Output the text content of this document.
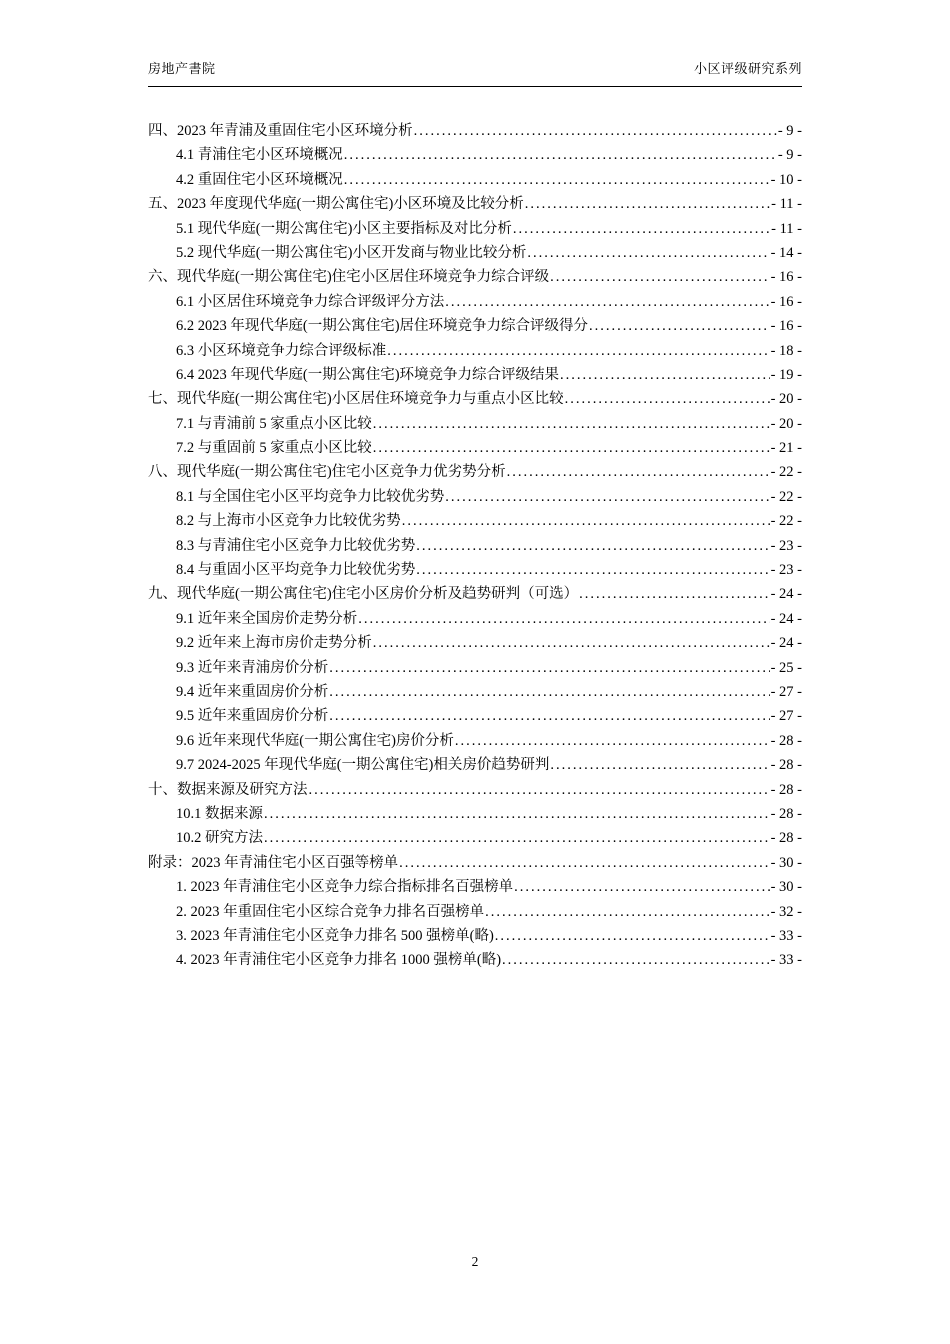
房地产書院	小区评级研究系列
四、2023 年青浦及重固住宅小区环境分析 .....	- 9 -
4.1 青浦住宅小区环境概况 .....	- 9 -
4.2 重固住宅小区环境概况 .....	- 10 -
五、2023 年度现代华庭(一期公寓住宅)小区环境及比较分析 .....	- 11 -
5.1 现代华庭(一期公寓住宅)小区主要指标及对比分析 .....	- 11 -
5.2 现代华庭(一期公寓住宅)小区开发商与物业比较分析 .....	- 14 -
六、现代华庭(一期公寓住宅)住宅小区居住环境竞争力综合评级 .....	- 16 -
6.1 小区居住环境竞争力综合评级评分方法 .....	- 16 -
6.2 2023 年现代华庭(一期公寓住宅)居住环境竞争力综合评级得分 .....	- 16 -
6.3 小区环境竞争力综合评级标准 .....	- 18 -
6.4 2023 年现代华庭(一期公寓住宅)环境竞争力综合评级结果 .....	- 19 -
七、现代华庭(一期公寓住宅)小区居住环境竞争力与重点小区比较 .....	- 20 -
7.1 与青浦前 5 家重点小区比较 .....	- 20 -
7.2 与重固前 5 家重点小区比较 .....	- 21 -
八、现代华庭(一期公寓住宅)住宅小区竞争力优劣势分析 .....	- 22 -
8.1 与全国住宅小区平均竞争力比较优劣势 .....	- 22 -
8.2 与上海市小区竞争力比较优劣势 .....	- 22 -
8.3 与青浦住宅小区竞争力比较优劣势 .....	- 23 -
8.4 与重固小区平均竞争力比较优劣势 .....	- 23 -
九、现代华庭(一期公寓住宅)住宅小区房价分析及趋势研判（可选） .....	- 24 -
9.1 近年来全国房价走势分析 .....	- 24 -
9.2 近年来上海市房价走势分析 .....	- 24 -
9.3 近年来青浦房价分析 .....	- 25 -
9.4 近年来重固房价分析 .....	- 27 -
9.5 近年来重固房价分析 .....	- 27 -
9.6 近年来现代华庭(一期公寓住宅)房价分析 .....	- 28 -
9.7 2024-2025 年现代华庭(一期公寓住宅)相关房价趋势研判 .....	- 28 -
十、数据来源及研究方法 .....	- 28 -
10.1 数据来源 .....	- 28 -
10.2 研究方法 .....	- 28 -
附录：2023 年青浦住宅小区百强等榜单 .....	- 30 -
1. 2023 年青浦住宅小区竞争力综合指标排名百强榜单 .....	- 30 -
2. 2023 年重固住宅小区综合竞争力排名百强榜单 .....	- 32 -
3. 2023 年青浦住宅小区竞争力排名 500 强榜单(略) .....	- 33 -
4. 2023 年青浦住宅小区竞争力排名 1000 强榜单(略) .....	- 33 -
2
